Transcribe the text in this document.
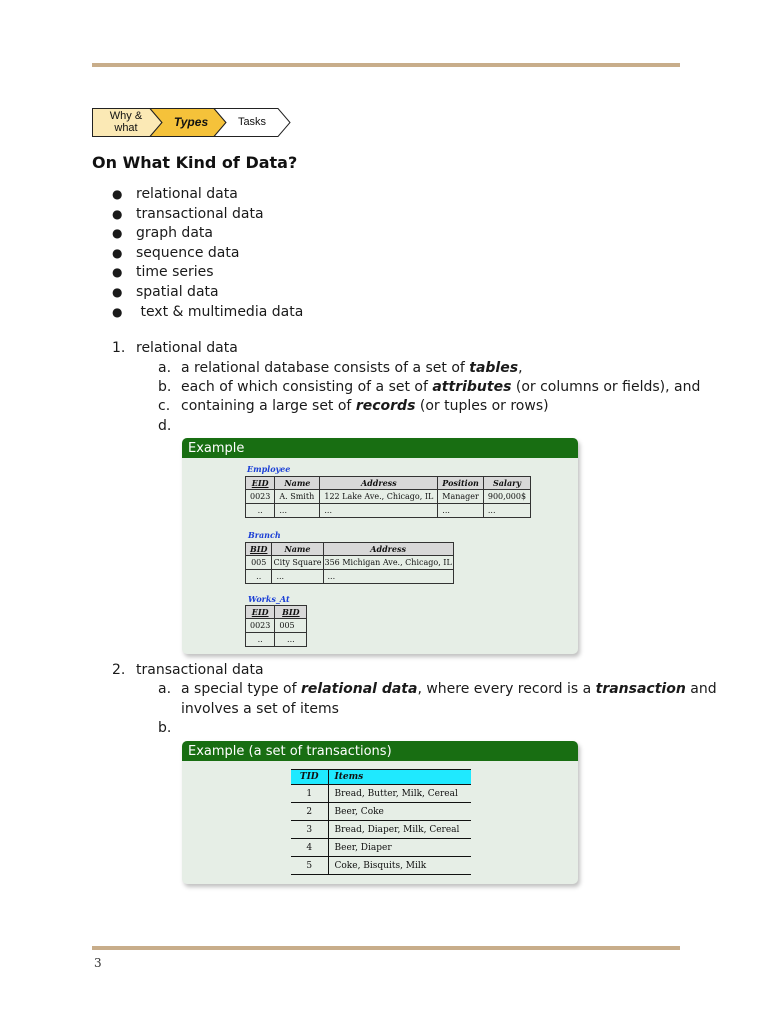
Why &
what	Types	Tasks
On What Kind of Data?
● relational data
● transactional data
● graph data
● sequence data
● time series
● spatial data
● text & multimedia data
1. relational data
a. a relational database consists of a set of tables,
b. each of which consisting of a set of attributes (or columns or fields), and
c. containing a large set of records (or tuples or rows)
d.
Example
Employee
EID	Name	Address	Position	Salary
0023	A. Smith	122 Lake Ave., Chicago, IL	Manager	900,000$
..	...	...	...	...
Branch
BID	Name	Address
005	City Square	356 Michigan Ave., Chicago, IL
..	...	...
Works_At
EID	BID
0023	005
..	...
2. transactional data
a. a special type of relational data, where every record is a transaction and
involves a set of items
b.
Example (a set of transactions)
TID	Items
1	Bread, Butter, Milk, Cereal
2	Beer, Coke
3	Bread, Diaper, Milk, Cereal
4	Beer, Diaper
5	Coke, Bisquits, Milk
3
